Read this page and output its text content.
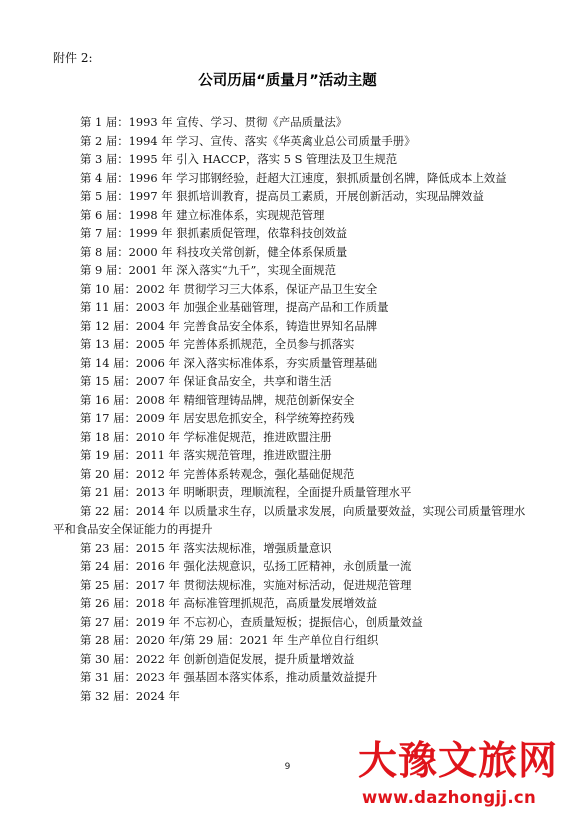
附件 2:
公司历届“质量月”活动主题
第 1 届：1993 年 宣传、学习、贯彻《产品质量法》
第 2 届：1994 年 学习、宣传、落实《华英禽业总公司质量手册》
第 3 届：1995 年 引入 HACCP，落实 5 S 管理法及卫生规范
第 4 届：1996 年 学习邯钢经验，赶超大江速度，狠抓质量创名牌，降低成本上效益
第 5 届：1997 年 狠抓培训教育，提高员工素质，开展创新活动，实现品牌效益
第 6 届：1998 年 建立标准体系，实现规范管理
第 7 届：1999 年 狠抓素质促管理，依靠科技创效益
第 8 届：2000 年 科技攻关常创新，健全体系保质量
第 9 届：2001 年 深入落实“九千”，实现全面规范
第 10 届：2002 年 贯彻学习三大体系，保证产品卫生安全
第 11 届：2003 年 加强企业基础管理，提高产品和工作质量
第 12 届：2004 年 完善食品安全体系，铸造世界知名品牌
第 13 届：2005 年 完善体系抓规范，全员参与抓落实
第 14 届：2006 年 深入落实标准体系，夯实质量管理基础
第 15 届：2007 年 保证食品安全，共享和谐生活
第 16 届：2008 年 精细管理铸品牌，规范创新保安全
第 17 届：2009 年 居安思危抓安全，科学统筹控药残
第 18 届：2010 年 学标准促规范，推进欧盟注册
第 19 届：2011 年 落实规范管理，推进欧盟注册
第 20 届：2012 年 完善体系转观念，强化基础促规范
第 21 届：2013 年 明晰职责，理顺流程，全面提升质量管理水平
第 22 届：2014 年 以质量求生存，以质量求发展，向质量要效益，实现公司质量管理水平和食品安全保证能力的再提升
第 23 届：2015 年 落实法规标准，增强质量意识
第 24 届：2016 年 强化法规意识，弘扬工匠精神，永创质量一流
第 25 届：2017 年 贯彻法规标准，实施对标活动，促进规范管理
第 26 届：2018 年 高标准管理抓规范，高质量发展增效益
第 27 届：2019 年 不忘初心，查质量短板；提振信心，创质量效益
第 28 届：2020 年/第 29 届：2021 年 生产单位自行组织
第 30 届：2022 年 创新创造促发展，提升质量增效益
第 31 届：2023 年 强基固本落实体系，推动质量效益提升
第 32 届：2024 年
9	大豫文旅网
www.dazhongjj.cn
